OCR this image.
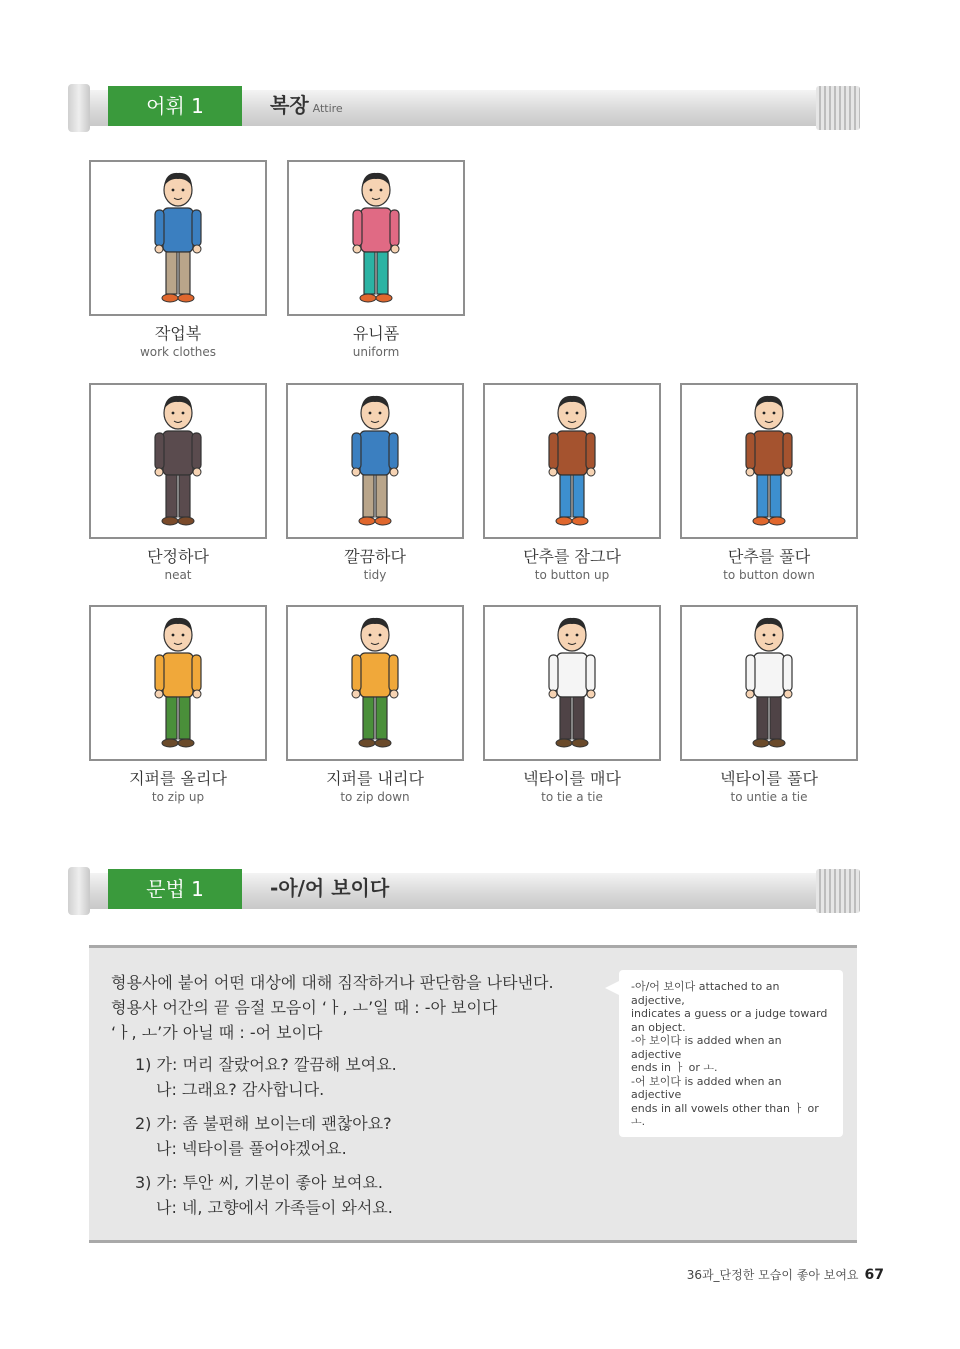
어휘 1	복장 Attire
작업복
work clothes
유니폼
uniform
단정하다
neat
깔끔하다
tidy
단추를 잠그다
to button up
단추를 풀다
to button down
지퍼를 올리다
to zip up
지퍼를 내리다
to zip down
넥타이를 매다
to tie a tie
넥타이를 풀다
to untie a tie
문법 1	-아/어 보이다
형용사에 붙어 어떤 대상에 대해 짐작하거나 판단함을 나타낸다.
형용사 어간의 끝 음절 모음이 ‘ㅏ, ㅗ’일 때 : -아 보이다
‘ㅏ, ㅗ’가 아닐 때 : -어 보이다
1) 가: 머리 잘랐어요? 깔끔해 보여요.
나: 그래요? 감사합니다.
2) 가: 좀 불편해 보이는데 괜찮아요?
나: 넥타이를 풀어야겠어요.
3) 가: 투안 씨, 기분이 좋아 보여요.
나: 네, 고향에서 가족들이 와서요.
-아/어 보이다 attached to an adjective,
indicates a guess or a judge toward
an object.
-아 보이다 is added when an adjective
ends in ㅏ or ㅗ.
-어 보이다 is added when an adjective
ends in all vowels other than ㅏ or ㅗ.
36과_단정한 모습이 좋아 보여요 67
